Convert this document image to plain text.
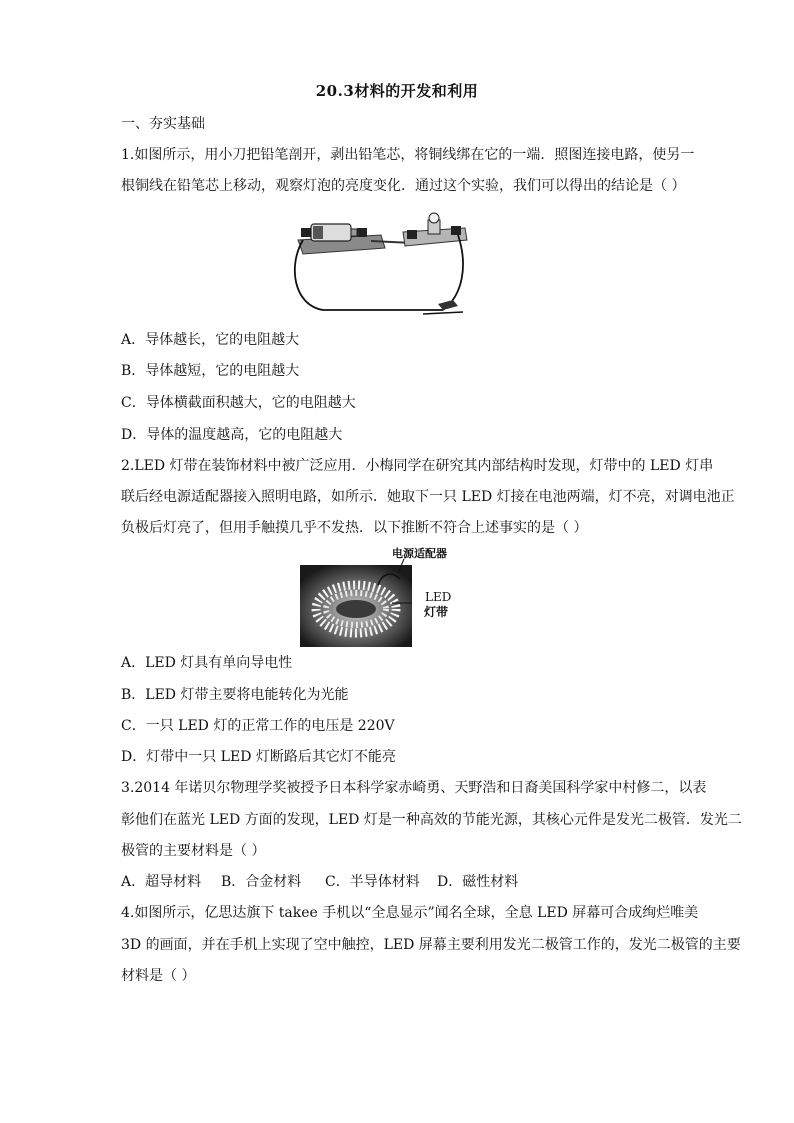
20.3材料的开发和利用
一、夯实基础
1.如图所示，用小刀把铅笔剖开，剥出铅笔芯，将铜线绑在它的一端．照图连接电路，使另一
根铜线在铅笔芯上移动，观察灯泡的亮度变化．通过这个实验，我们可以得出的结论是（ ）
A．导体越长，它的电阻越大
B．导体越短，它的电阻越大
C．导体横截面积越大，它的电阻越大
D．导体的温度越高，它的电阻越大
2.LED 灯带在装饰材料中被广泛应用．小梅同学在研究其内部结构时发现，灯带中的 LED 灯串
联后经电源适配器接入照明电路，如所示．她取下一只 LED 灯接在电池两端，灯不亮，对调电池正
负极后灯亮了，但用手触摸几乎不发热．以下推断不符合上述事实的是（ ）
电源适配器
LED
灯带
A．LED 灯具有单向导电性
B．LED 灯带主要将电能转化为光能
C．一只 LED 灯的正常工作的电压是 220V
D．灯带中一只 LED 灯断路后其它灯不能亮
3.2014 年诺贝尔物理学奖被授予日本科学家赤崎勇、天野浩和日裔美国科学家中村修二，以表
彰他们在蓝光 LED 方面的发现，LED 灯是一种高效的节能光源，其核心元件是发光二极管．发光二
极管的主要材料是（ ）
A．超导材料 B．合金材料 C．半导体材料 D．磁性材料
4.如图所示，亿思达旗下 takee 手机以“全息显示”闻名全球，全息 LED 屏幕可合成绚烂唯美
3D 的画面，并在手机上实现了空中触控，LED 屏幕主要利用发光二极管工作的，发光二极管的主要
材料是（ ）
